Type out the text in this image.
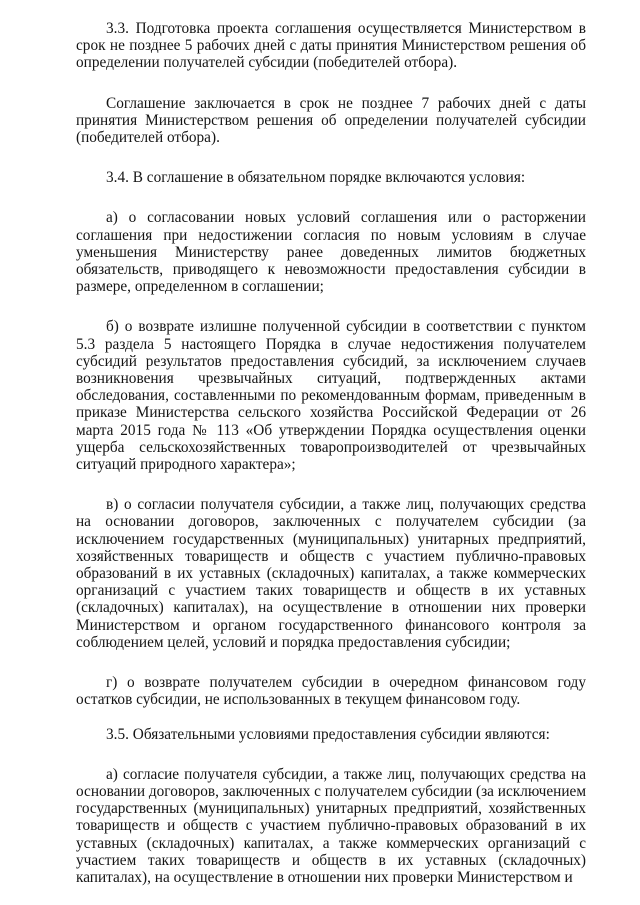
3.3. Подготовка проекта соглашения осуществляется Министерством в срок не позднее 5 рабочих дней с даты принятия Министерством решения об определении получателей субсидии (победителей отбора).

Соглашение заключается в срок не позднее 7 рабочих дней с даты принятия Министерством решения об определении получателей субсидии (победителей отбора).

3.4. В соглашение в обязательном порядке включаются условия:

а) о согласовании новых условий соглашения или о расторжении соглашения при недостижении согласия по новым условиям в случае уменьшения Министерству ранее доведенных лимитов бюджетных обязательств, приводящего к невозможности предоставления субсидии в размере, определенном в соглашении;

б) о возврате излишне полученной субсидии в соответствии с пунктом 5.3 раздела 5 настоящего Порядка в случае недостижения получателем субсидий результатов предоставления субсидий, за исключением случаев возникновения чрезвычайных ситуаций, подтвержденных актами обследования, составленными по рекомендованным формам, приведенным в приказе Министерства сельского хозяйства Российской Федерации от 26 марта 2015 года № 113 «Об утверждении Порядка осуществления оценки ущерба сельскохозяйственных товаропроизводителей от чрезвычайных ситуаций природного характера»;

в) о согласии получателя субсидии, а также лиц, получающих средства на основании договоров, заключенных с получателем субсидии (за исключением государственных (муниципальных) унитарных предприятий, хозяйственных товариществ и обществ с участием публично-правовых образований в их уставных (складочных) капиталах, а также коммерческих организаций с участием таких товариществ и обществ в их уставных (складочных) капиталах), на осуществление в отношении них проверки Министерством и органом государственного финансового контроля за соблюдением целей, условий и порядка предоставления субсидии;

г) о возврате получателем субсидии в очередном финансовом году остатков субсидии, не использованных в текущем финансовом году.

3.5. Обязательными условиями предоставления субсидии являются:

а) согласие получателя субсидии, а также лиц, получающих средства на основании договоров, заключенных с получателем субсидии (за исключением государственных (муниципальных) унитарных предприятий, хозяйственных товариществ и обществ с участием публично-правовых образований в их уставных (складочных) капиталах, а также коммерческих организаций с участием таких товариществ и обществ в их уставных (складочных) капиталах), на осуществление в отношении них проверки Министерством и
